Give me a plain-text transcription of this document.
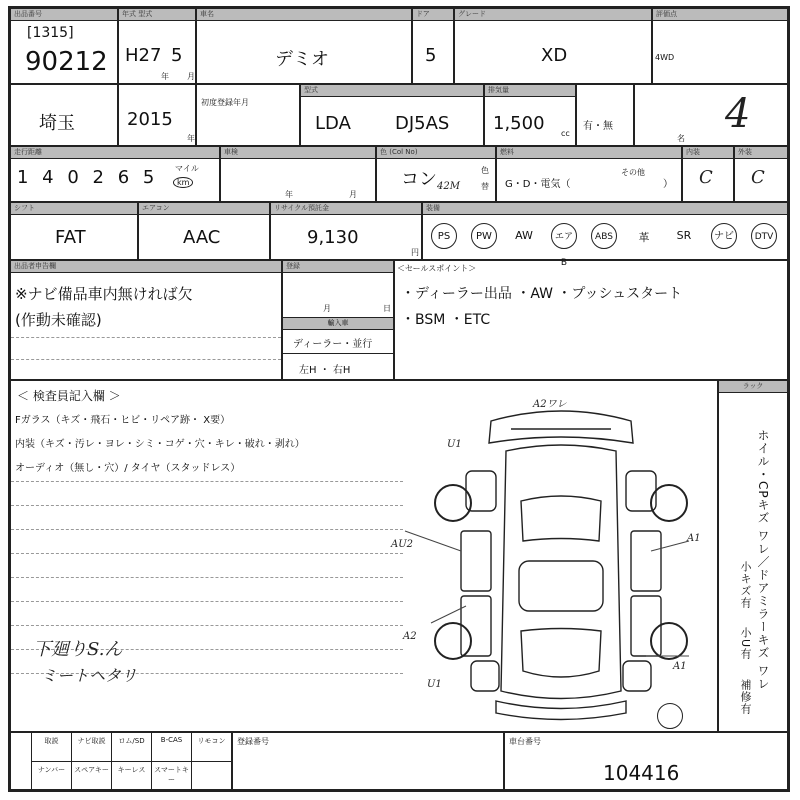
出品番号
[1315]
90212
年式 型式
H27 5
年 月
車名
デミオ
ドア
5
グレード
XD
評価点
4WD
埼玉	2015
年
初度登録年月
型式
LDA DJ5AS
排気量
1,500 cc
有・無
名
4
走行距離
1 4 0 2 6 5 マイル
km
車検
年	月
色 (Col No)
コン 42M
色
替
燃料
G・D・電気（
その他
）
内装
C
外装
C
シフト
FAT
エアコン
AAC
リサイクル預託金
9,130
円
装備
PS	PW	AW	エアB
ABS	革	SR	ナビ	DTV
出品者申告欄
※ナビ備品車内無ければ欠
(作動未確認)
登録
月	日
輸入車
ディーラー・並行
左H ・ 右H
＜セールスポイント＞
・ディーラー出品 ・AW ・プッシュスタート
・BSM ・ETC
＜ 検査員記入欄 ＞
Fガラス（キズ・飛石・ヒビ・リペア跡・ X要）
内装（キズ・汚レ・ヨレ・シミ・コゲ・穴・キレ・破れ・剥れ）
オーディオ（無し・穴）/ タイヤ（スタッドレス）
下廻りS.ん
ミートヘタリ
A2ワレ
U1
AU2
A2
U1
A1
A1
ラック
ホイル・CPキズ ワレ／ドアミラーキズ ワレ
小キズ有
小U有
補修有
取説	ナビ取説	ロム/SD	B-CAS	リモコン
ナンバー	スペアキー	キーレス	スマートキー
登録番号	車台番号
104416
